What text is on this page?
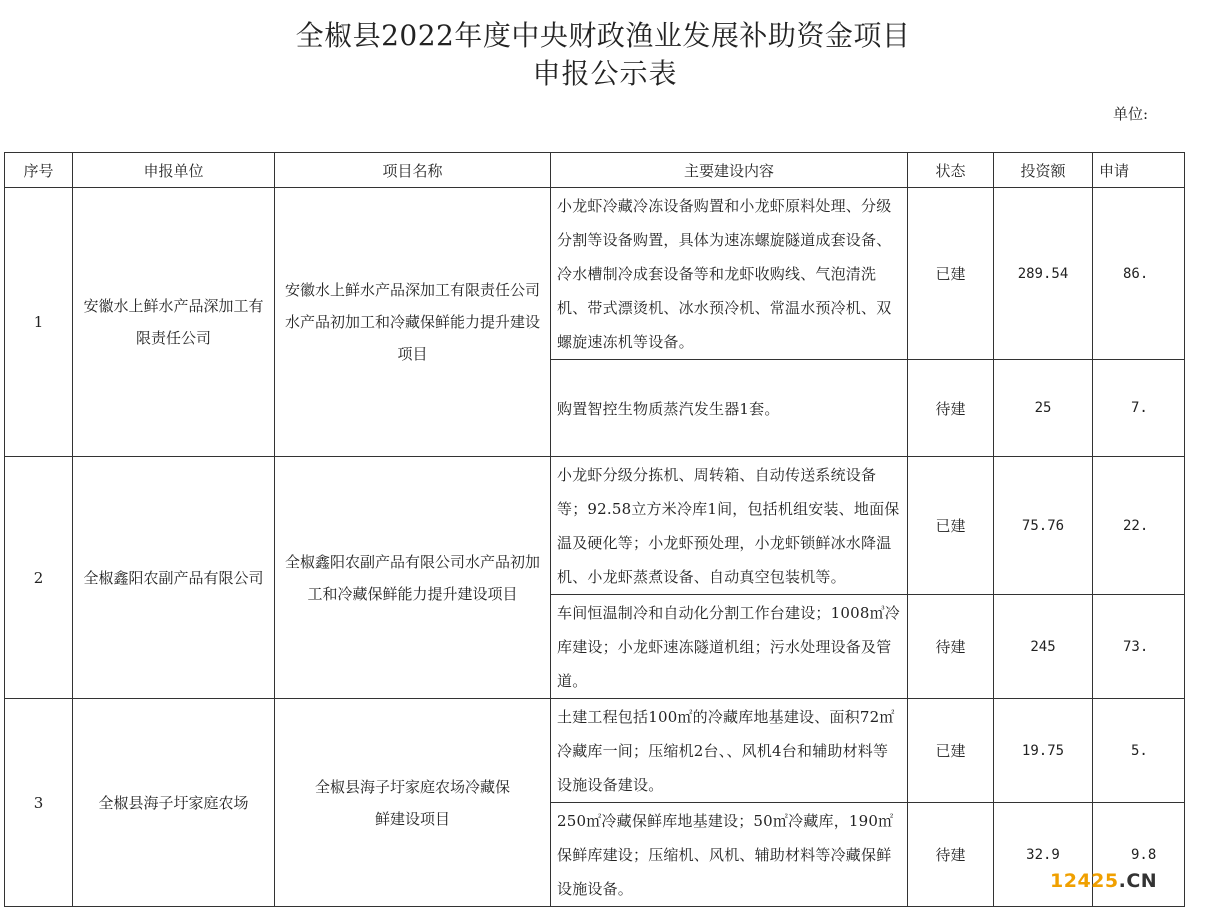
全椒县2022年度中央财政渔业发展补助资金项目
申报公示表
单位:
序号	申报单位	项目名称	主要建设内容	状态	投资额	申请
1	安徽水上鲜水产品深加工有限责任公司	安徽水上鲜水产品深加工有限责任公司水产品初加工和冷藏保鲜能力提升建设项目	小龙虾冷藏冷冻设备购置和小龙虾原料处理、分级分割等设备购置，具体为速冻螺旋隧道成套设备、冷水槽制冷成套设备等和龙虾收购线、气泡清洗机、带式漂烫机、冰水预冷机、常温水预冷机、双螺旋速冻机等设备。	已建	289.54	86.
			购置智控生物质蒸汽发生器1套。	待建	25	7.
2	全椒鑫阳农副产品有限公司	全椒鑫阳农副产品有限公司水产品初加工和冷藏保鲜能力提升建设项目	小龙虾分级分拣机、周转箱、自动传送系统设备等；92.58立方米冷库1间，包括机组安装、地面保温及硬化等；小龙虾预处理，小龙虾锁鲜冰水降温机、小龙虾蒸煮设备、自动真空包装机等。	已建	75.76	22.
			车间恒温制冷和自动化分割工作台建设；1008㎥冷库建设；小龙虾速冻隧道机组；污水处理设备及管道。	待建	245	73.
3	全椒县海子圩家庭农场	全椒县海子圩家庭农场冷藏保鲜建设项目	土建工程包括100㎡的冷藏库地基建设、面积72㎡冷藏库一间；压缩机2台、、风机4台和辅助材料等设施设备建设。	已建	19.75	5.
			250㎡冷藏保鲜库地基建设；50㎡冷藏库，190㎡保鲜库建设；压缩机、风机、辅助材料等冷藏保鲜设施设备。	待建	32.9	9.8
12425.CN
